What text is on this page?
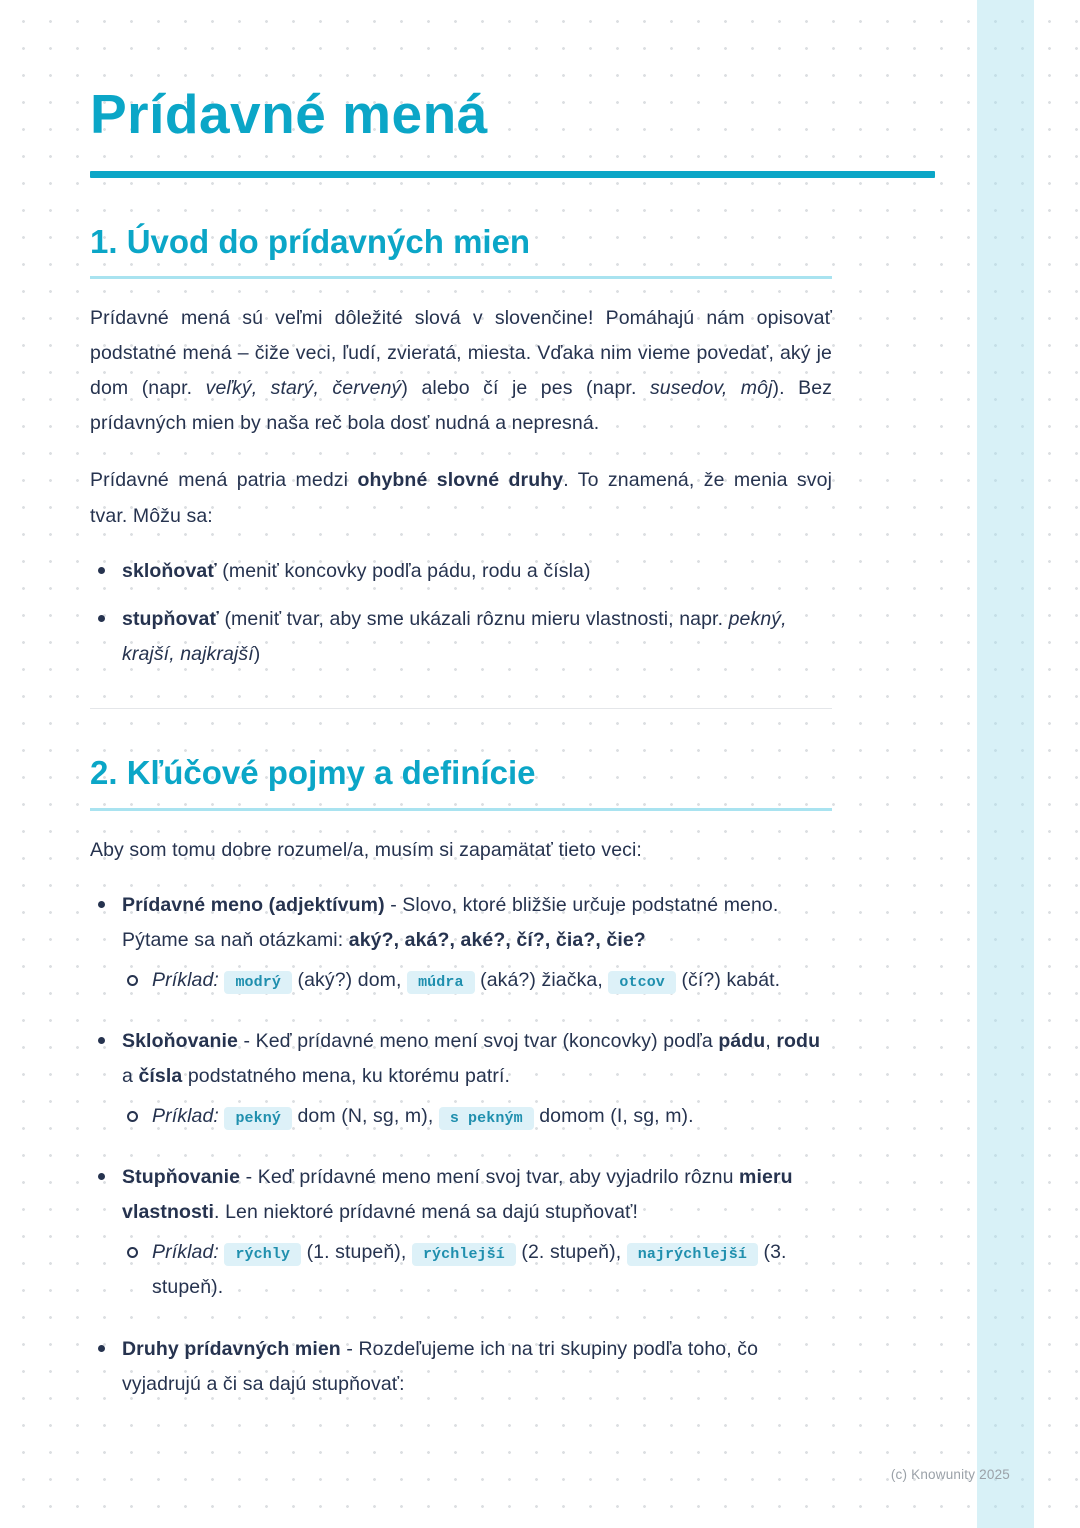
Prídavné mená
1. Úvod do prídavných mien

Prídavné mená sú veľmi dôležité slová v slovenčine! Pomáhajú nám opisovať podstatné mená – čiže veci, ľudí, zvieratá, miesta. Vďaka nim vieme povedať, aký je dom (napr. veľký, starý, červený) alebo čí je pes (napr. susedov, môj). Bez prídavných mien by naša reč bola dosť nudná a nepresná.

Prídavné mená patria medzi ohybné slovné druhy. To znamená, že menia svoj tvar. Môžu sa:

skloňovať (meniť koncovky podľa pádu, rodu a čísla)
stupňovať (meniť tvar, aby sme ukázali rôznu mieru vlastnosti, napr. pekný, krajší, najkrajší)
2. Kľúčové pojmy a definície

Aby som tomu dobre rozumel/a, musím si zapamätať tieto veci:

Prídavné meno (adjektívum) - Slovo, ktoré bližšie určuje podstatné meno. Pýtame sa naň otázkami: aký?, aká?, aké?, čí?, čia?, čie?
Príklad: modrý (aký?) dom, múdra (aká?) žiačka, otcov (čí?) kabát.
Skloňovanie - Keď prídavné meno mení svoj tvar (koncovky) podľa pádu, rodu a čísla podstatného mena, ku ktorému patrí.
Príklad: pekný dom (N, sg, m), s pekným domom (I, sg, m).
Stupňovanie - Keď prídavné meno mení svoj tvar, aby vyjadrilo rôznu mieru vlastnosti. Len niektoré prídavné mená sa dajú stupňovať!
Príklad: rýchly (1. stupeň), rýchlejší (2. stupeň), najrýchlejší (3. stupeň).
Druhy prídavných mien - Rozdeľujeme ich na tri skupiny podľa toho, čo vyjadrujú a či sa dajú stupňovať:
(c) Knowunity 2025
